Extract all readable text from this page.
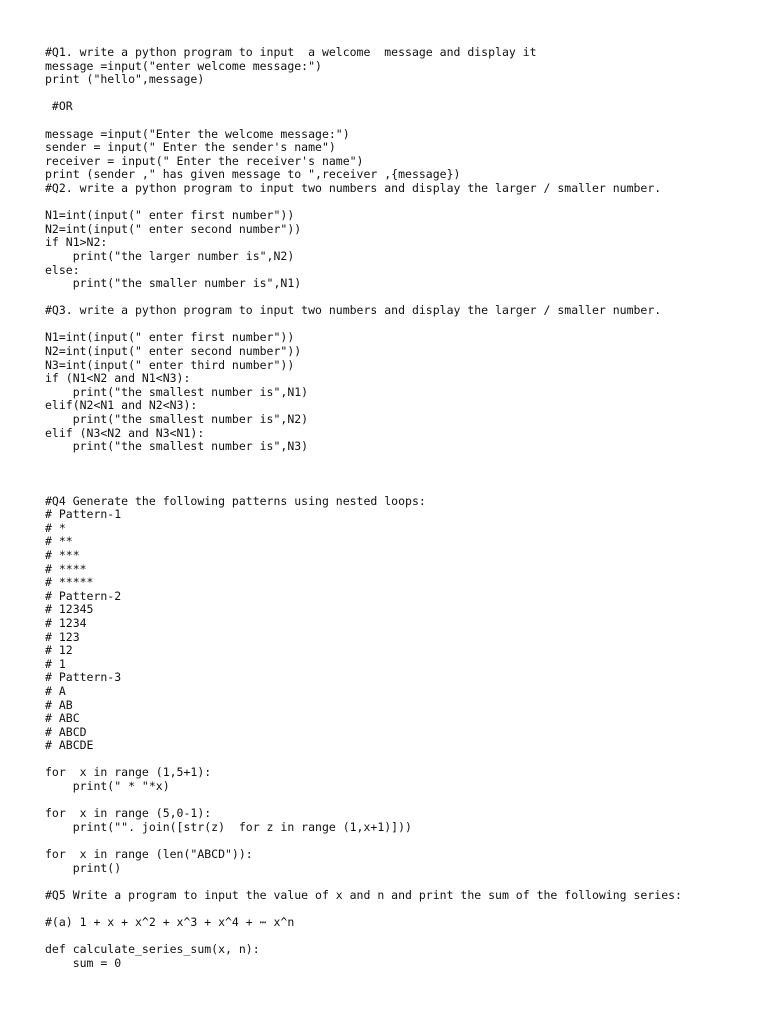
#Q1. write a python program to input  a welcome  message and display it
message =input("enter welcome message:")
print ("hello",message)
#OR
message =input("Enter the welcome message:")
sender = input(" Enter the sender's name")
receiver = input(" Enter the receiver's name")
print (sender ," has given message to ",receiver ,{message})
#Q2. write a python program to input two numbers and display the larger / smaller number.
N1=int(input(" enter first number"))
N2=int(input(" enter second number"))
if N1>N2:
print("the larger number is",N2)
else:
print("the smaller number is",N1)
#Q3. write a python program to input two numbers and display the larger / smaller number.
N1=int(input(" enter first number"))
N2=int(input(" enter second number"))
N3=int(input(" enter third number"))
if (N1<N2 and N1<N3):
print("the smallest number is",N1)
elif(N2<N1 and N2<N3):
print("the smallest number is",N2)
elif (N3<N2 and N3<N1):
print("the smallest number is",N3)
#Q4 Generate the following patterns using nested loops:
# Pattern-1
# *
# **
# ***
# ****
# *****
# Pattern-2
# 12345
# 1234
# 123
# 12
# 1
# Pattern-3
# A
# AB
# ABC
# ABCD
# ABCDE
for  x in range (1,5+1):
print(" * "*x)
for  x in range (5,0-1):
print("". join([str(z)  for z in range (1,x+1)]))
for  x in range (len("ABCD")):
print()
#Q5 Write a program to input the value of x and n and print the sum of the following series:
#(a) 1 + x + x^2 + x^3 + x^4 + ⋯ x^n
def calculate_series_sum(x, n):
sum = 0
